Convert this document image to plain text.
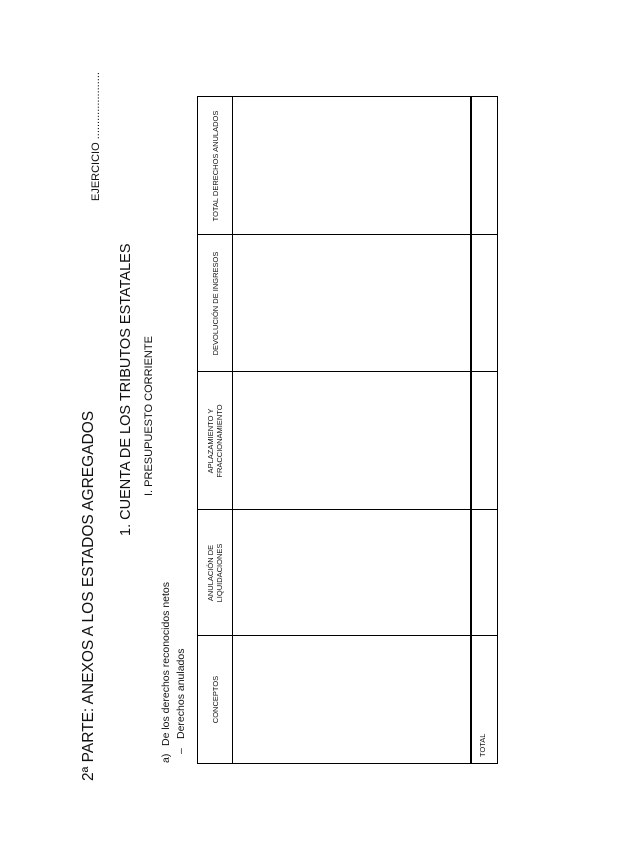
2ª PARTE: ANEXOS A LOS ESTADOS AGREGADOS
EJERCICIO ......................
1. CUENTA DE LOS TRIBUTOS ESTATALES I. PRESUPUESTO CORRIENTE
a)
De los derechos reconocidos netos
–
Derechos anulados	CONCEPTOS
ANULACIÓN DE
LIQUIDACIONES
APLAZAMIENTO Y
FRACCIONAMIENTO
DEVOLUCIÓN DE INGRESOS
TOTAL DERECHOS ANULADOS
TOTAL
